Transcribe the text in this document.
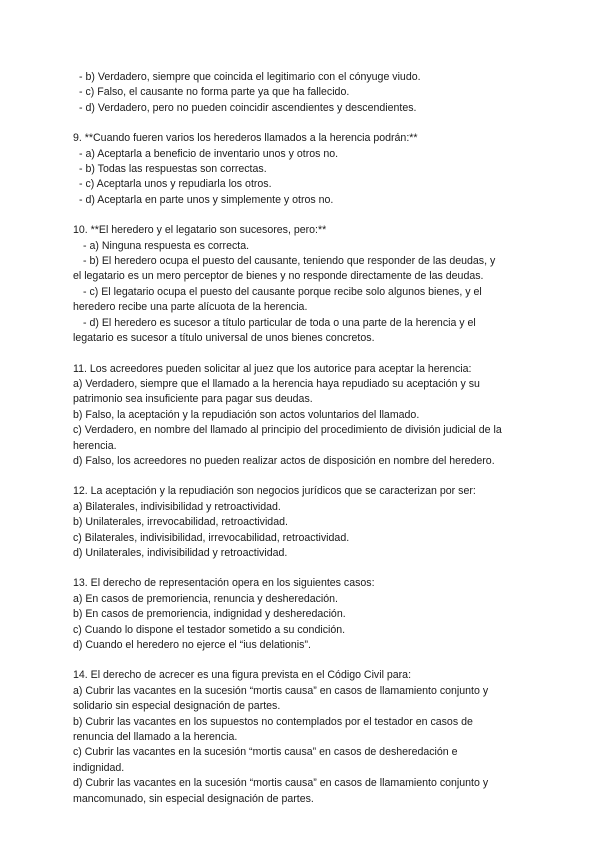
- b) Verdadero, siempre que coincida el legitimario con el cónyuge viudo.
- c) Falso, el causante no forma parte ya que ha fallecido.
- d) Verdadero, pero no pueden coincidir ascendientes y descendientes.
9. **Cuando fueren varios los herederos llamados a la herencia podrán:**
- a) Aceptarla a beneficio de inventario unos y otros no.
- b) Todas las respuestas son correctas.
- c) Aceptarla unos y repudiarla los otros.
- d) Aceptarla en parte unos y simplemente y otros no.
10. **El heredero y el legatario son sucesores, pero:**
- a) Ninguna respuesta es correcta.
- b) El heredero ocupa el puesto del causante, teniendo que responder de las deudas, y
el legatario es un mero perceptor de bienes y no responde directamente de las deudas.
- c) El legatario ocupa el puesto del causante porque recibe solo algunos bienes, y el
heredero recibe una parte alícuota de la herencia.
- d) El heredero es sucesor a título particular de toda o una parte de la herencia y el
legatario es sucesor a título universal de unos bienes concretos.
11. Los acreedores pueden solicitar al juez que los autorice para aceptar la herencia:
a) Verdadero, siempre que el llamado a la herencia haya repudiado su aceptación y su
patrimonio sea insuficiente para pagar sus deudas.
b) Falso, la aceptación y la repudiación son actos voluntarios del llamado.
c) Verdadero, en nombre del llamado al principio del procedimiento de división judicial de la
herencia.
d) Falso, los acreedores no pueden realizar actos de disposición en nombre del heredero.
12. La aceptación y la repudiación son negocios jurídicos que se caracterizan por ser:
a) Bilaterales, indivisibilidad y retroactividad.
b) Unilaterales, irrevocabilidad, retroactividad.
c) Bilaterales, indivisibilidad, irrevocabilidad, retroactividad.
d) Unilaterales, indivisibilidad y retroactividad.
13. El derecho de representación opera en los siguientes casos:
a) En casos de premoriencia, renuncia y desheredación.
b) En casos de premoriencia, indignidad y desheredación.
c) Cuando lo dispone el testador sometido a su condición.
d) Cuando el heredero no ejerce el “ius delationis”.
14. El derecho de acrecer es una figura prevista en el Código Civil para:
a) Cubrir las vacantes en la sucesión “mortis causa” en casos de llamamiento conjunto y
solidario sin especial designación de partes.
b) Cubrir las vacantes en los supuestos no contemplados por el testador en casos de
renuncia del llamado a la herencia.
c) Cubrir las vacantes en la sucesión “mortis causa” en casos de desheredación e
indignidad.
d) Cubrir las vacantes en la sucesión “mortis causa” en casos de llamamiento conjunto y
mancomunado, sin especial designación de partes.
